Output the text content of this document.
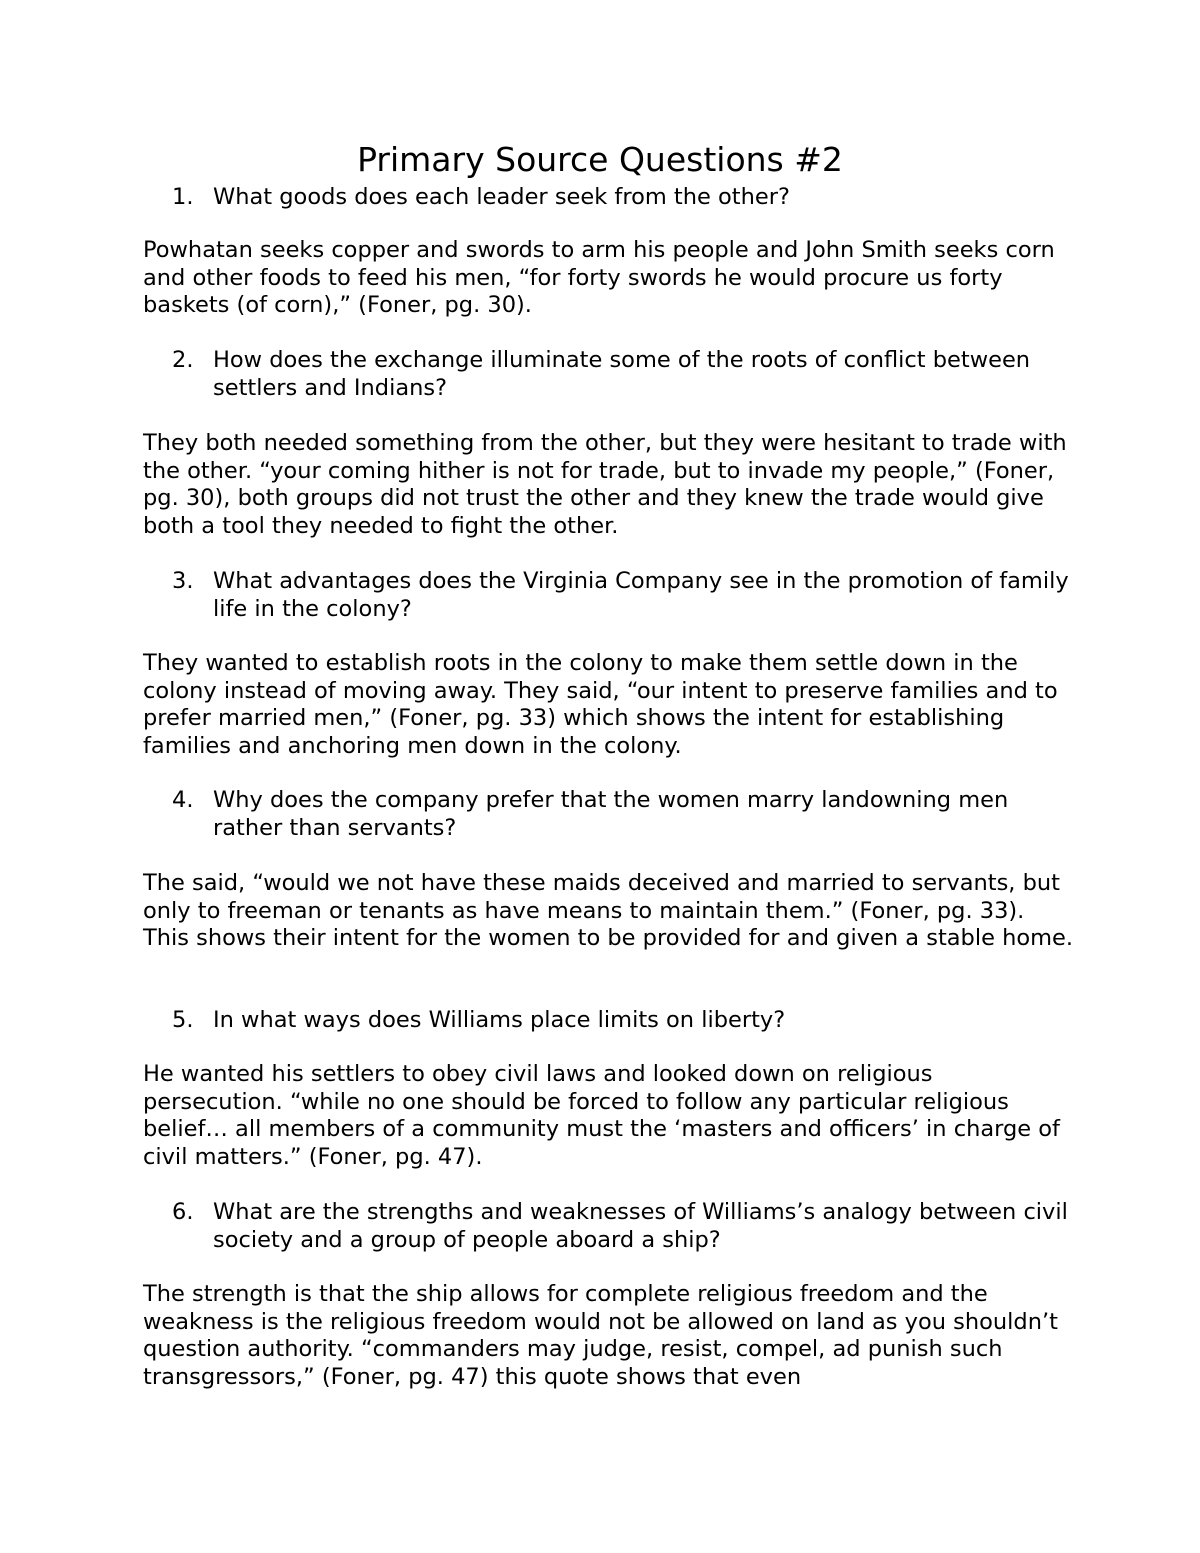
Primary Source Questions #2
1. What goods does each leader seek from the other?
Powhatan seeks copper and swords to arm his people and John Smith seeks corn and other foods to feed his men, “for forty swords he would procure us forty baskets (of corn),” (Foner, pg. 30).
2. How does the exchange illuminate some of the roots of conflict between settlers and Indians?
They both needed something from the other, but they were hesitant to trade with the other. “your coming hither is not for trade, but to invade my people,” (Foner, pg. 30), both groups did not trust the other and they knew the trade would give both a tool they needed to fight the other.
3. What advantages does the Virginia Company see in the promotion of family life in the colony?
They wanted to establish roots in the colony to make them settle down in the colony instead of moving away. They said, “our intent to preserve families and to prefer married men,” (Foner, pg. 33) which shows the intent for establishing families and anchoring men down in the colony.
4. Why does the company prefer that the women marry landowning men rather than servants?
The said, “would we not have these maids deceived and married to servants, but only to freeman or tenants as have means to maintain them.” (Foner, pg. 33). This shows their intent for the women to be provided for and given a stable home.
5. In what ways does Williams place limits on liberty?
He wanted his settlers to obey civil laws and looked down on religious persecution. “while no one should be forced to follow any particular religious belief… all members of a community must the ‘masters and officers’ in charge of civil matters.” (Foner, pg. 47).
6. What are the strengths and weaknesses of Williams’s analogy between civil society and a group of people aboard a ship?
The strength is that the ship allows for complete religious freedom and the weakness is the religious freedom would not be allowed on land as you shouldn’t question authority. “commanders may judge, resist, compel, ad punish such transgressors,” (Foner, pg. 47) this quote shows that even
